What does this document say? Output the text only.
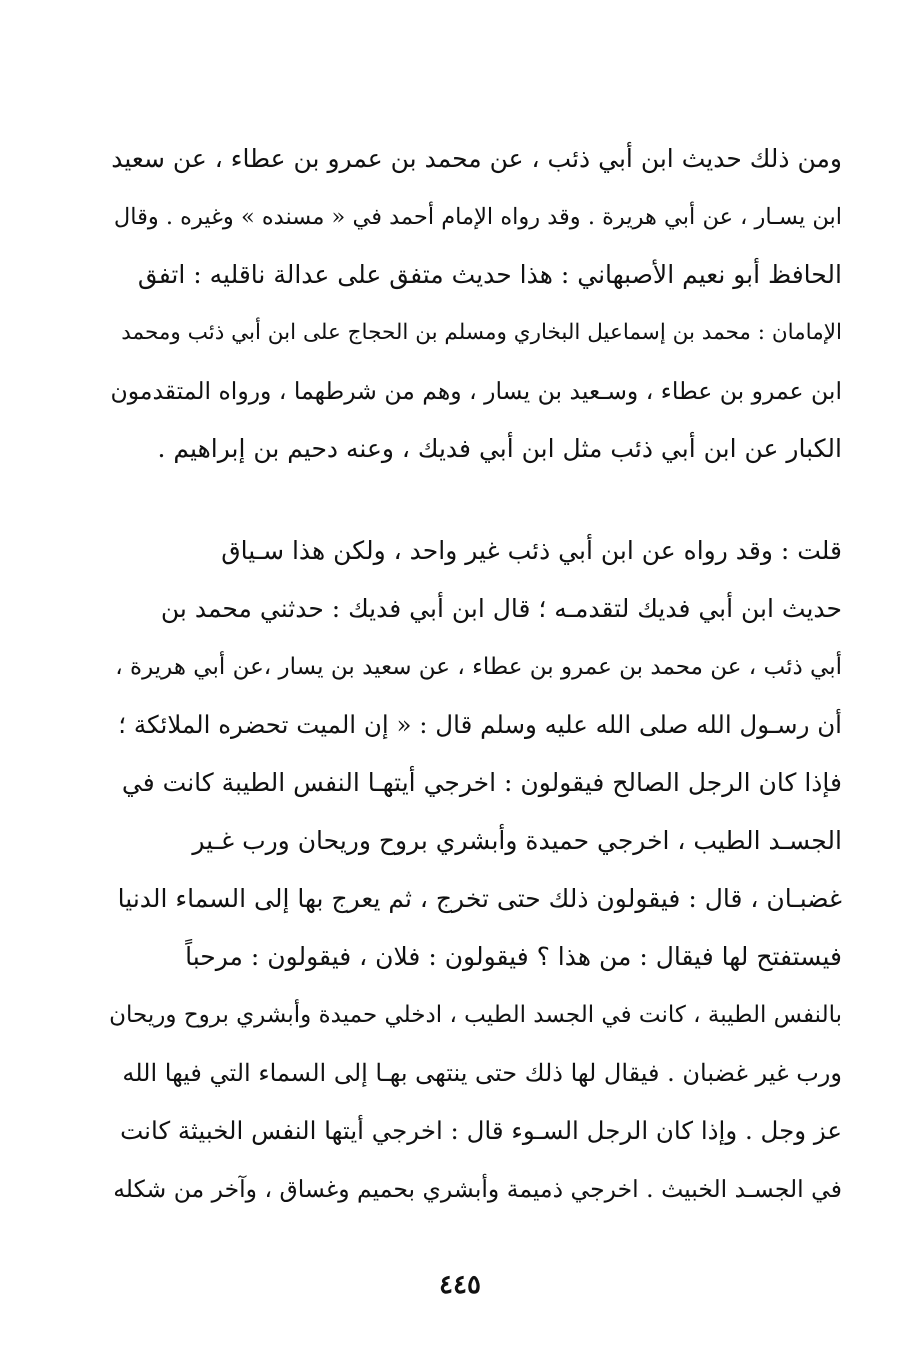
ومن ذلك حديث ابن أبي ذئب ، عن محمد بن عمرو بن عطاء ، عن سعيد
ابن يسـار ، عن أبي هريرة . وقد رواه الإمام أحمد في « مسنده » وغيره . وقال
الحافظ أبو نعيم الأصبهاني : هذا حديث متفق على عدالة ناقليه : اتفق
الإمامان : محمد بن إسماعيل البخاري ومسلم بن الحجاج على ابن أبي ذئب ومحمد
ابن عمرو بن عطاء ، وسـعيد بن يسار ، وهم من شرطهما ، ورواه المتقدمون
الكبار عن ابن أبي ذئب مثل ابن أبي فديك ، وعنه دحيم بن إبراهيم .
قلت : وقد رواه عن ابن أبي ذئب غير واحد ، ولكن هذا سـياق
حديث ابن أبي فديك لتقدمـه ؛ قال ابن أبي فديك : حدثني محمد بن
أبي ذئب ، عن محمد بن عمرو بن عطاء ، عن سعيد بن يسار ،عن أبي هريرة ،
أن رسـول الله صلى الله عليه وسلم قال : « إن الميت تحضره الملائكة ؛
فإذا كان الرجل الصالح فيقولون : اخرجي أيتهـا النفس الطيبة كانت في
الجسـد الطيب ، اخرجي حميدة وأبشري بروح وريحان ورب غـير
غضبـان ، قال : فيقولون ذلك حتى تخرج ، ثم يعرج بها إلى السماء الدنيا
فيستفتح لها فيقال : من هذا ؟ فيقولون : فلان ، فيقولون : مرحباً
بالنفس الطيبة ، كانت في الجسد الطيب ، ادخلي حميدة وأبشري بروح وريحان
ورب غير غضبان . فيقال لها ذلك حتى ينتهى بهـا إلى السماء التي فيها الله
عز وجل . وإذا كان الرجل السـوء قال : اخرجي أيتها النفس الخبيثة كانت
في الجسـد الخبيث . اخرجي ذميمة وأبشري بحميم وغساق ، وآخر من شكله
٤٤٥
